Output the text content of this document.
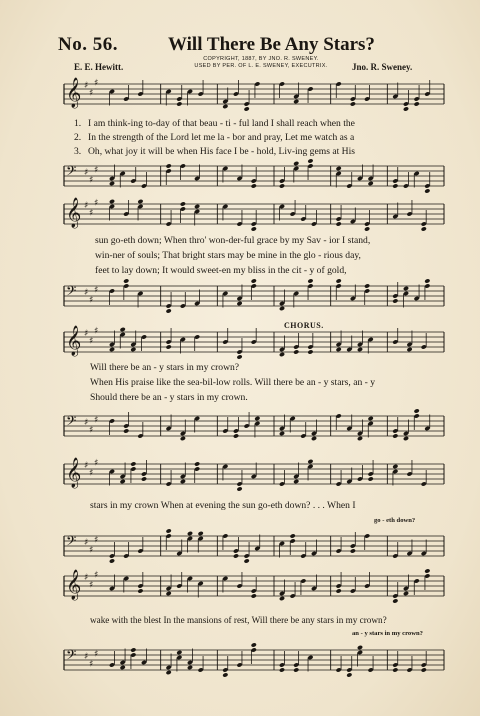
No. 56.	Will There Be Any Stars?
COPYRIGHT, 1887, BY JNO. R. SWENEY.
USED BY PER. OF L. E. SWENEY, EXECUTRIX.
E. E. Hewitt.	Jno. R. Sweney.
𝄞 ♯
♯
♯
1. I am think-ing to-day of that beau - ti - ful land I shall reach when the
2. In the strength of the Lord let me la - bor and pray, Let me watch as a
3. Oh, what joy it will be when His face I be - hold, Liv-ing gems at His
𝄢 ♯
♯
♯
𝄞 ♯
♯
♯
sun go-eth down; When thro' won-der-ful grace by my Sav - ior I stand,
win-ner of souls; That bright stars may be mine in the glo - rious day,
feet to lay down; It would sweet-en my bliss in the cit - y of gold,
𝄢 ♯
♯
♯
CHORUS.
𝄞 ♯
♯
♯
Will there be an - y stars in my crown?
When His praise like the sea-bil-low rolls. Will there be an - y stars, an - y
Should there be an - y stars in my crown.
𝄢 ♯
♯
♯
𝄞 ♯
♯
♯
stars in my crown When at evening the sun go-eth down? . . . When I
go - eth down?
𝄢 ♯
♯
♯
𝄞 ♯
♯
♯
wake with the blest In the mansions of rest, Will there be any stars in my crown?
an - y stars in my crown?
𝄢 ♯
♯
♯
